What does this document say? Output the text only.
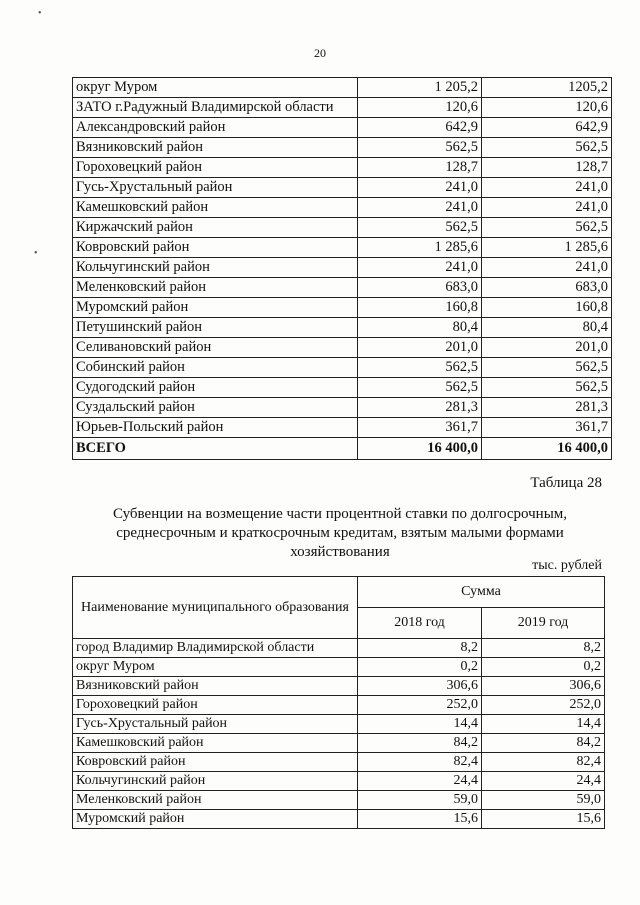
20
округ Муром	1 205,2	1205,2
ЗАТО г.Радужный Владимирской области	120,6	120,6
Александровский район	642,9	642,9
Вязниковский район	562,5	562,5
Гороховецкий район	128,7	128,7
Гусь-Хрустальный район	241,0	241,0
Камешковский район	241,0	241,0
Киржачский район	562,5	562,5
Ковровский район	1 285,6	1 285,6
Кольчугинский район	241,0	241,0
Меленковский район	683,0	683,0
Муромский район	160,8	160,8
Петушинский район	80,4	80,4
Селивановский район	201,0	201,0
Собинский район	562,5	562,5
Судогодский район	562,5	562,5
Суздальский район	281,3	281,3
Юрьев-Польский район	361,7	361,7
ВСЕГО	16 400,0	16 400,0
Таблица 28
Субвенции на возмещение части процентной ставки по долгосрочным,
среднесрочным и краткосрочным кредитам, взятым малыми формами
хозяйствования
тыс. рублей
Наименование муниципального образования	Сумма	
	2018 год	2019 год
город Владимир Владимирской области	8,2	8,2
округ Муром	0,2	0,2
Вязниковский район	306,6	306,6
Гороховецкий район	252,0	252,0
Гусь-Хрустальный район	14,4	14,4
Камешковский район	84,2	84,2
Ковровский район	82,4	82,4
Кольчугинский район	24,4	24,4
Меленковский район	59,0	59,0
Муромский район	15,6	15,6
•
•
